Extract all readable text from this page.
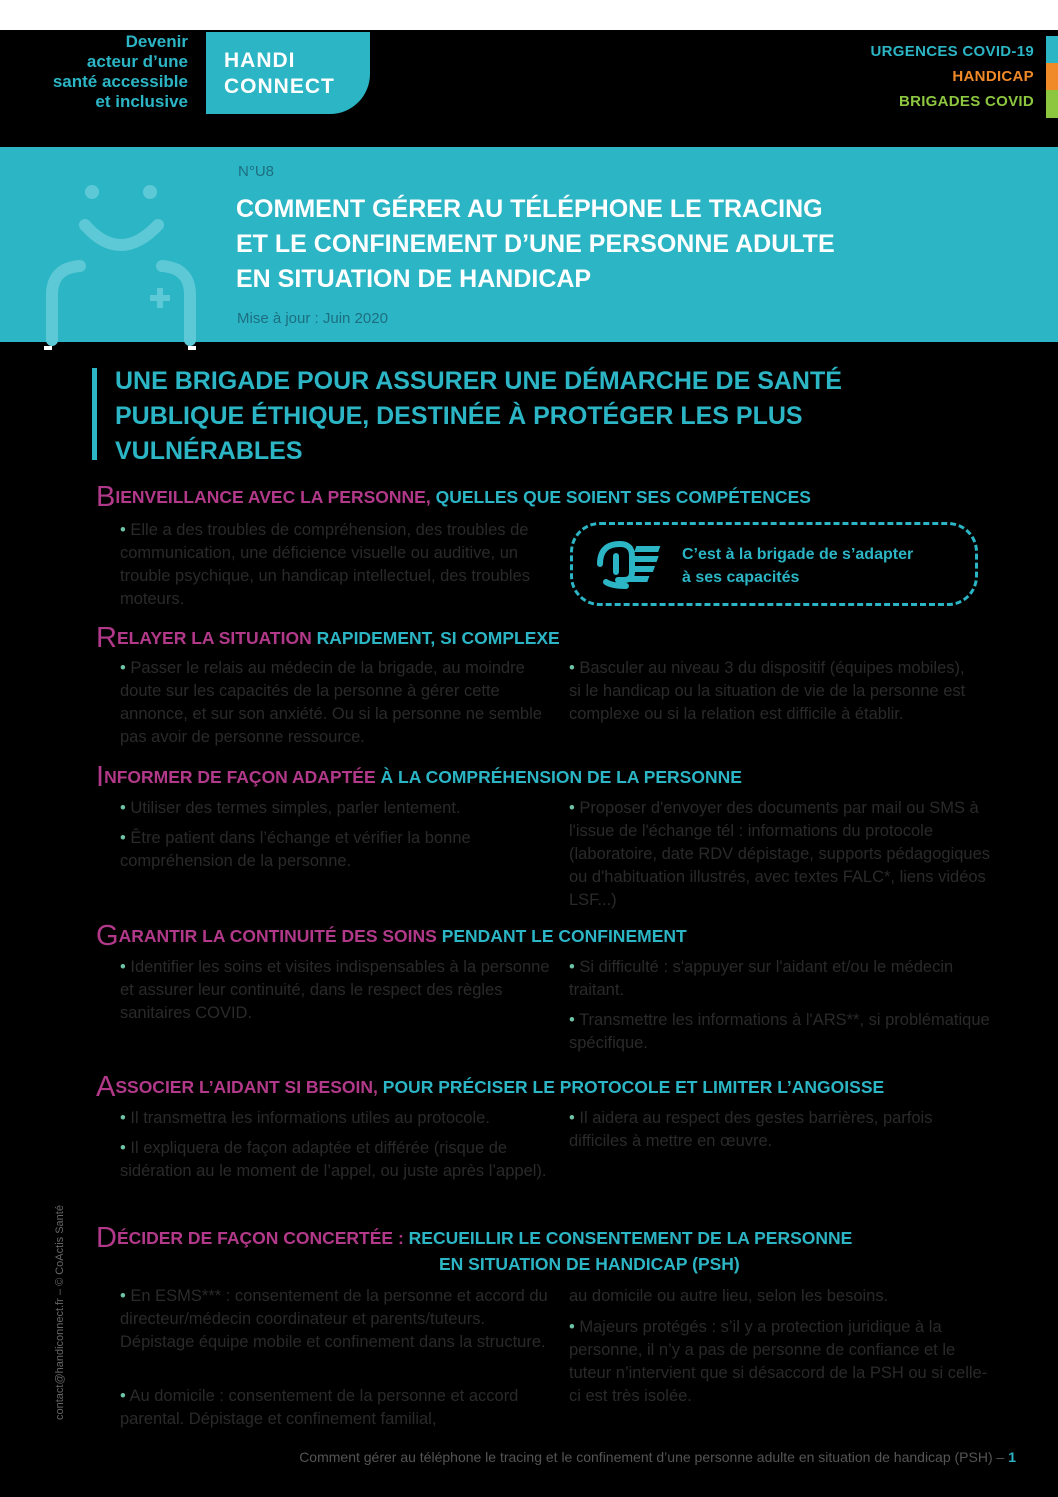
Devenir
acteur d’une
santé accessible
et inclusive
HANDI
CONNECT
URGENCES COVID-19
HANDICAP
BRIGADES COVID
N°U8
COMMENT GÉRER AU TÉLÉPHONE LE TRACING
ET LE CONFINEMENT D’UNE PERSONNE ADULTE
EN SITUATION DE HANDICAP
Mise à jour : Juin 2020
UNE BRIGADE POUR ASSURER UNE DÉMARCHE DE SANTÉ
PUBLIQUE ÉTHIQUE, DESTINÉE À PROTÉGER LES PLUS
VULNÉRABLES
BIENVEILLANCE AVEC LA PERSONNE, QUELLES QUE SOIENT SES COMPÉTENCES
• Elle a des troubles de compréhension, des troubles de communication, une déficience visuelle ou auditive, un trouble psychique, un handicap intellectuel, des troubles moteurs.
C’est à la brigade de s’adapter
à ses capacités
RELAYER LA SITUATION RAPIDEMENT, SI COMPLEXE
• Passer le relais au médecin de la brigade, au moindre doute sur les capacités de la personne à gérer cette annonce, et sur son anxiété. Ou si la personne ne semble pas avoir de personne ressource.
• Basculer au niveau 3 du dispositif (équipes mobiles), si le handicap ou la situation de vie de la personne est complexe ou si la relation est difficile à établir.
INFORMER DE FAÇON ADAPTÉE À LA COMPRÉHENSION DE LA PERSONNE
• Utiliser des termes simples, parler lentement.
• Être patient dans l’échange et vérifier la bonne compréhension de la personne.
• Proposer d'envoyer des documents par mail ou SMS à l'issue de l'échange tél : informations du protocole (laboratoire, date RDV dépistage, supports pédagogiques ou d'habituation illustrés, avec textes FALC*, liens vidéos LSF...)
GARANTIR LA CONTINUITÉ DES SOINS PENDANT LE CONFINEMENT
• Identifier les soins et visites indispensables à la personne et assurer leur continuité, dans le respect des règles sanitaires COVID.
• Si difficulté : s'appuyer sur l'aidant et/ou le médecin traitant.
• Transmettre les informations à l'ARS**, si problématique spécifique.
ASSOCIER L’AIDANT SI BESOIN, POUR PRÉCISER LE PROTOCOLE ET LIMITER L’ANGOISSE
• Il transmettra les informations utiles au protocole.
• Il expliquera de façon adaptée et différée (risque de sidération au le moment de l’appel, ou juste après l’appel).
• Il aidera au respect des gestes barrières, parfois difficiles à mettre en œuvre.
DÉCIDER DE FAÇON CONCERTÉE : RECUEILLIR LE CONSENTEMENT DE LA PERSONNE
EN SITUATION DE HANDICAP (PSH)
• En ESMS*** : consentement de la personne et accord du directeur/médecin coordinateur et parents/tuteurs. Dépistage équipe mobile et confinement dans la structure.
• Au domicile : consentement de la personne et accord parental. Dépistage et confinement familial,
au domicile ou autre lieu, selon les besoins.
• Majeurs protégés : s’il y a protection juridique à la personne, il n’y a pas de personne de confiance et le tuteur n’intervient que si désaccord de la PSH ou si celle-ci est très isolée.
contact@handiconnect.fr – © CoActis Santé
Comment gérer au téléphone le tracing et le confinement d’une personne adulte en situation de handicap (PSH) – 1
